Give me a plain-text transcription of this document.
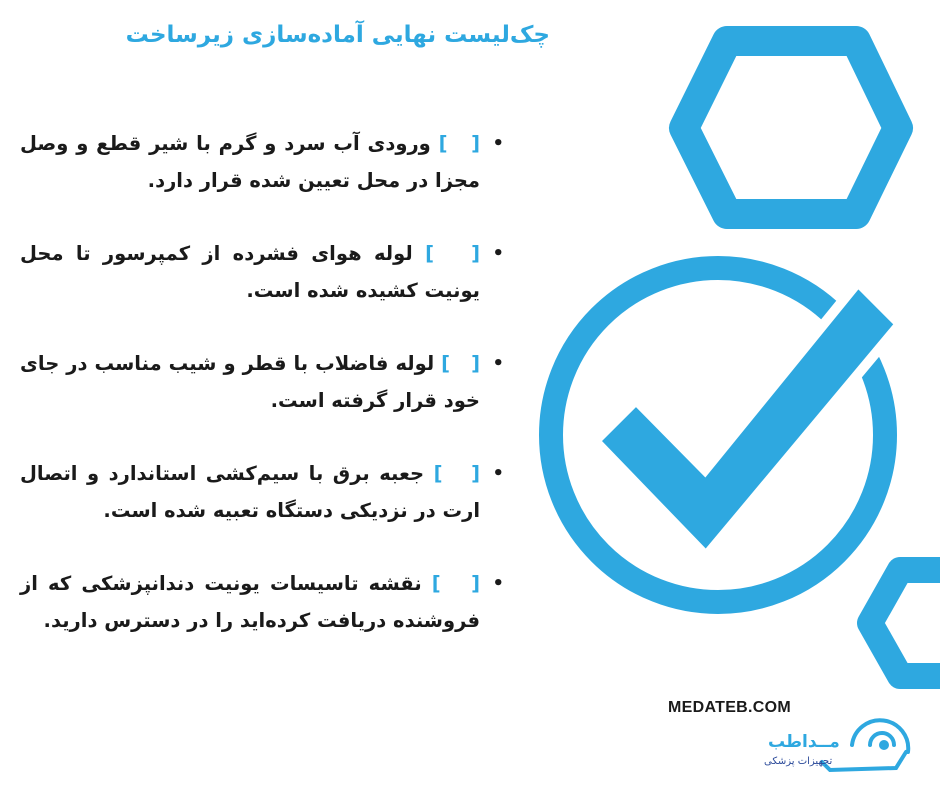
چک‌لیست نهایی آماده‌سازی زیرساخت
•
[   ] ورودی آب سرد و گرم با شیر قطع و وصل مجزا در محل تعیین شده قرار دارد.
•
[   ] لوله هوای فشرده از کمپرسور تا محل یونیت کشیده شده است.
•
[   ] لوله فاضلاب با قطر و شیب مناسب در جای خود قرار گرفته است.
•
[   ] جعبه برق با سیم‌کشی استاندارد و اتصال ارت در نزدیکی دستگاه تعبیه شده است.
•
[   ] نقشه تاسیسات یونیت دندانپزشکی که از فروشنده دریافت کرده‌اید را در دسترس دارید.
MEDATEB.COM
مــداطب
تجهیزات پزشکی
